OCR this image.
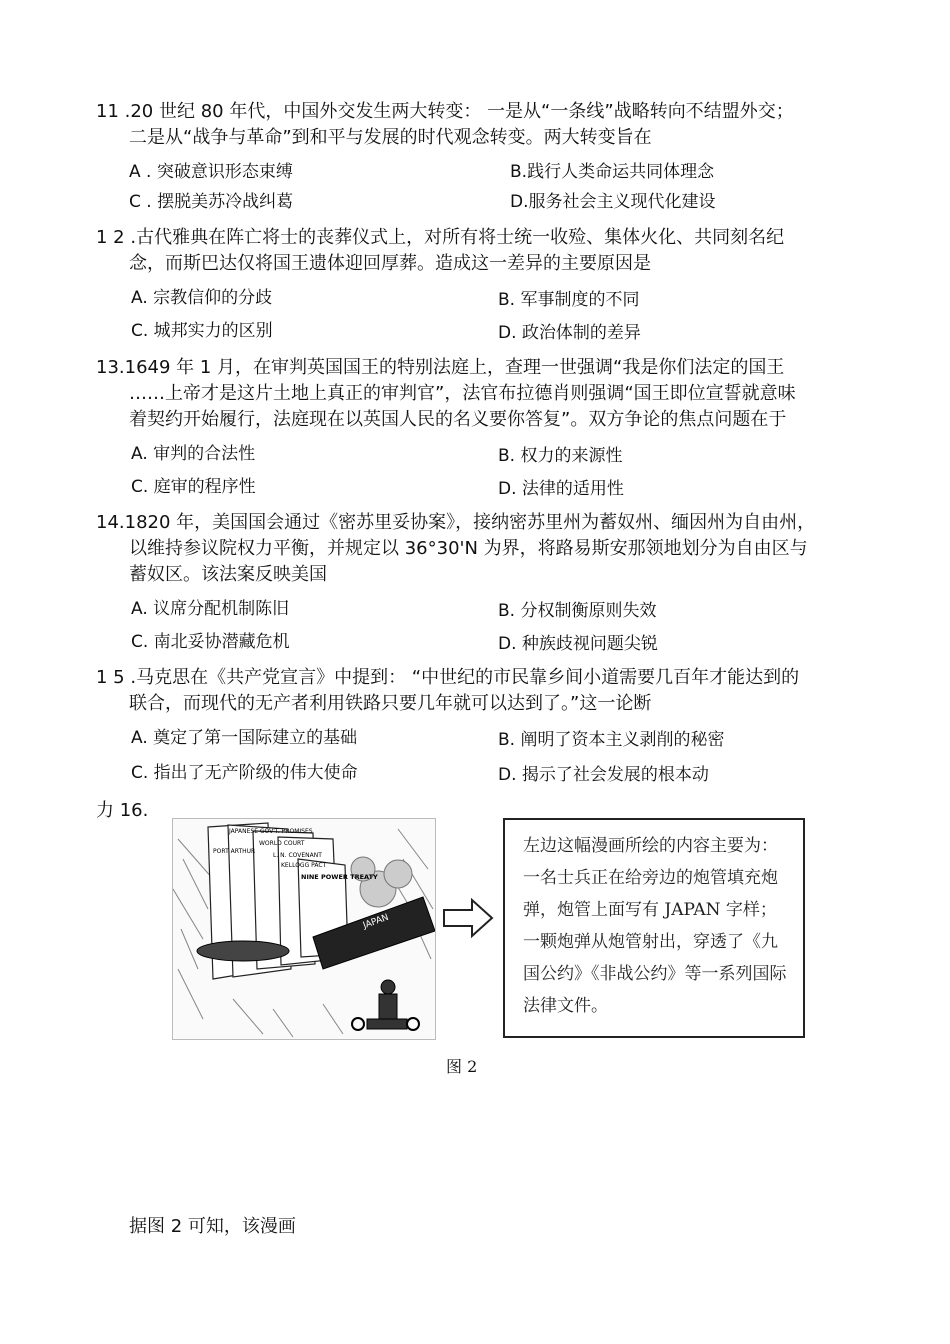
11 .20 世纪 80 年代，中国外交发生两大转变： 一是从“一条线”战略转向不结盟外交；
二是从“战争与革命”到和平与发展的时代观念转变。两大转变旨在
A . 突破意识形态束缚	B.践行人类命运共同体理念
C . 摆脱美苏冷战纠葛	D.服务社会主义现代化建设
1 2 .古代雅典在阵亡将士的丧葬仪式上，对所有将士统一收殓、集体火化、共同刻名纪
念，而斯巴达仅将国王遗体迎回厚葬。造成这一差异的主要原因是
A. 宗教信仰的分歧	B. 军事制度的不同
C. 城邦实力的区别	D. 政治体制的差异
13.1649 年 1 月，在审判英国国王的特别法庭上，查理一世强调“我是你们法定的国王
……上帝才是这片土地上真正的审判官”，法官布拉德肖则强调“国王即位宣誓就意味
着契约开始履行，法庭现在以英国人民的名义要你答复”。双方争论的焦点问题在于
A. 审判的合法性	B. 权力的来源性
C. 庭审的程序性	D. 法律的适用性
14.1820 年，美国国会通过《密苏里妥协案》，接纳密苏里州为蓄奴州、缅因州为自由州，
以维持参议院权力平衡，并规定以 36°30'N 为界，将路易斯安那领地划分为自由区与
蓄奴区。该法案反映美国
A. 议席分配机制陈旧	B. 分权制衡原则失效
C. 南北妥协潜藏危机	D. 种族歧视问题尖锐
1 5 .马克思在《共产党宣言》中提到： “中世纪的市民靠乡间小道需要几百年才能达到的
联合，而现代的无产者利用铁路只要几年就可以达到了。”这一论断
A. 奠定了第一国际建立的基础	B. 阐明了资本主义剥削的秘密
C. 指出了无产阶级的伟大使命	D. 揭示了社会发展的根本动
力 16.
JAPANESE GOV'T. PROMISES
WORLD COURT
PORT ARTHUR
L. N. COVENANT
KELLOGG PACT
NINE POWER TREATY
JAPAN
左边这幅漫画所绘的内容主要为：一名士兵正在给旁边的炮管填充炮弹，炮管上面写有 JAPAN 字样；一颗炮弹从炮管射出，穿透了《九国公约》《非战公约》等一系列国际法律文件。
图 2
据图 2 可知，该漫画
